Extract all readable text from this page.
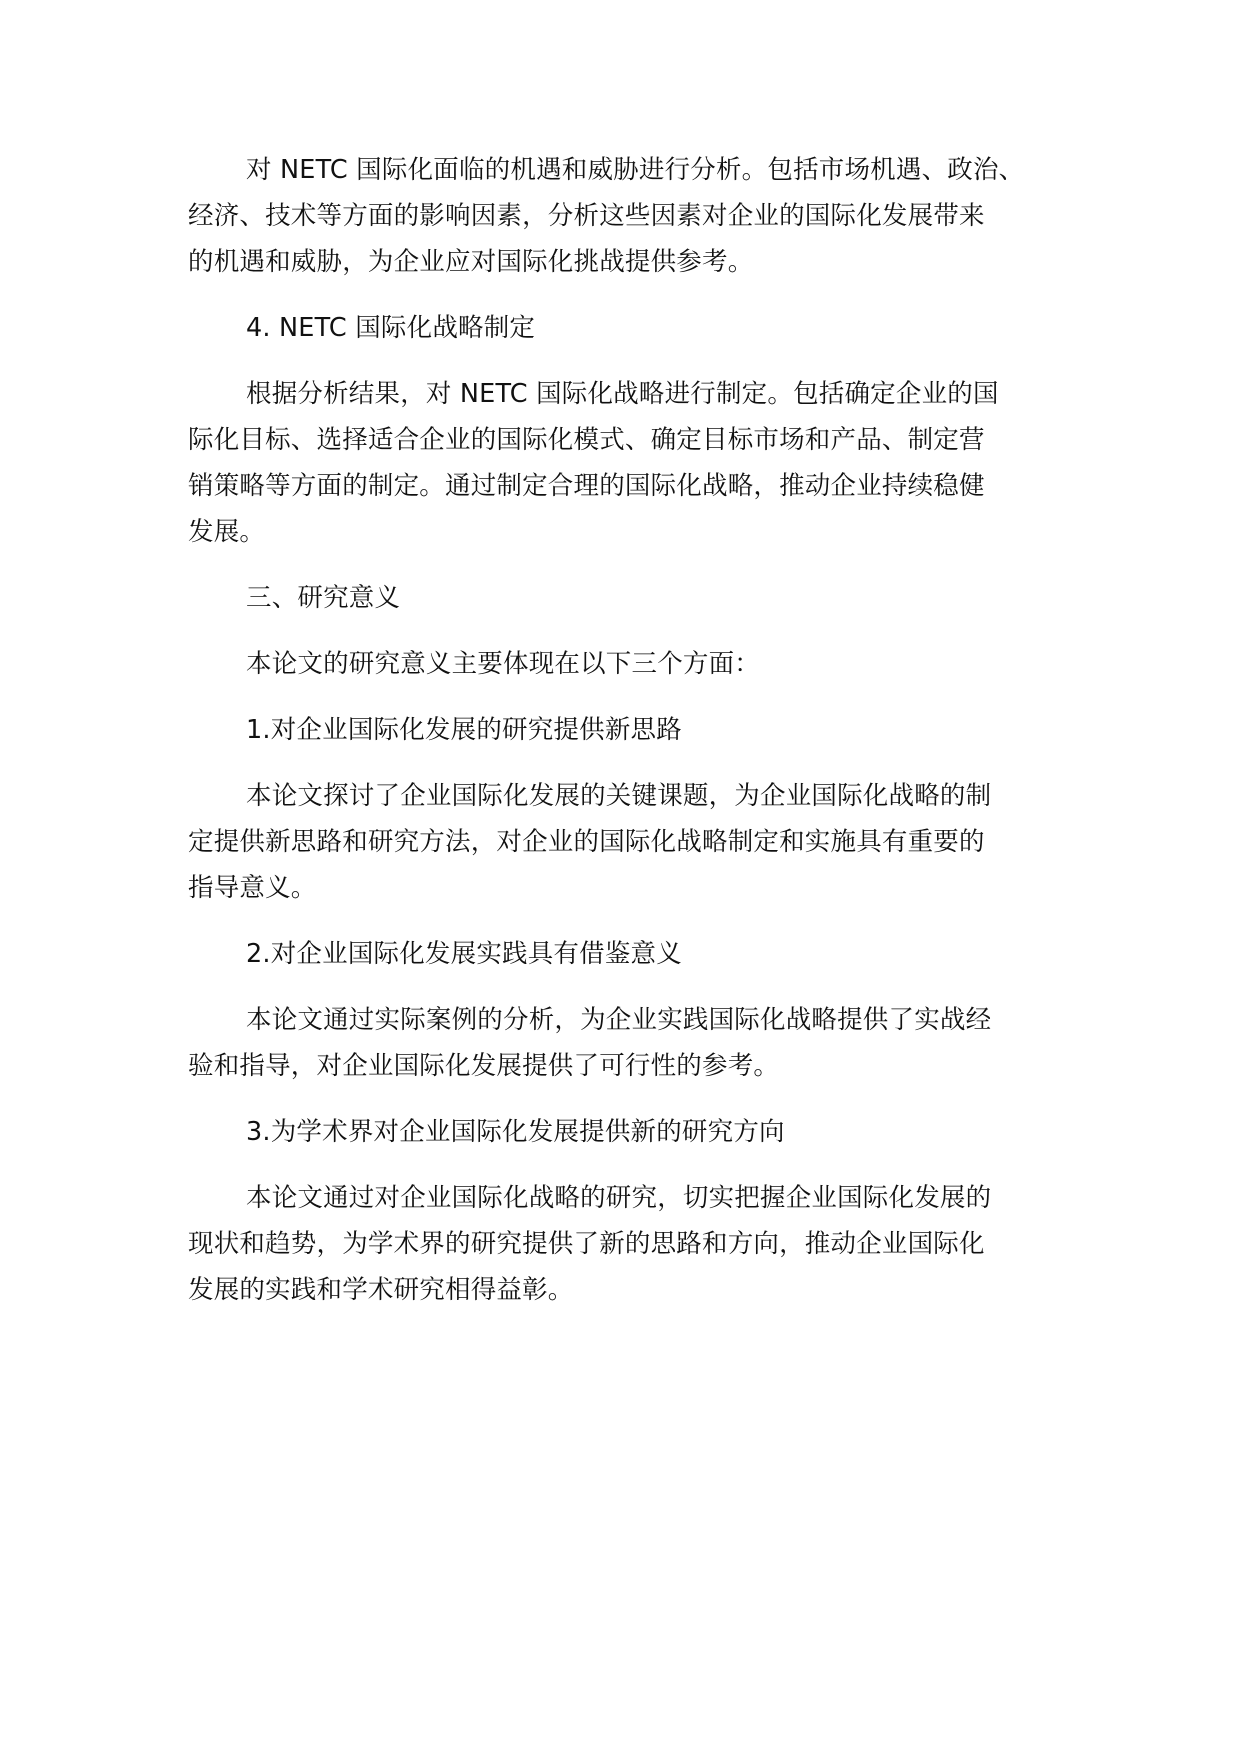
对 NETC 国际化面临的机遇和威胁进行分析。包括市场机遇、政治、
经济、技术等方面的影响因素，分析这些因素对企业的国际化发展带来
的机遇和威胁，为企业应对国际化挑战提供参考。
4. NETC 国际化战略制定
根据分析结果，对 NETC 国际化战略进行制定。包括确定企业的国
际化目标、选择适合企业的国际化模式、确定目标市场和产品、制定营
销策略等方面的制定。通过制定合理的国际化战略，推动企业持续稳健
发展。
三、研究意义
本论文的研究意义主要体现在以下三个方面：
1.对企业国际化发展的研究提供新思路
本论文探讨了企业国际化发展的关键课题，为企业国际化战略的制
定提供新思路和研究方法，对企业的国际化战略制定和实施具有重要的
指导意义。
2.对企业国际化发展实践具有借鉴意义
本论文通过实际案例的分析，为企业实践国际化战略提供了实战经
验和指导，对企业国际化发展提供了可行性的参考。
3.为学术界对企业国际化发展提供新的研究方向
本论文通过对企业国际化战略的研究，切实把握企业国际化发展的
现状和趋势，为学术界的研究提供了新的思路和方向，推动企业国际化
发展的实践和学术研究相得益彰。
